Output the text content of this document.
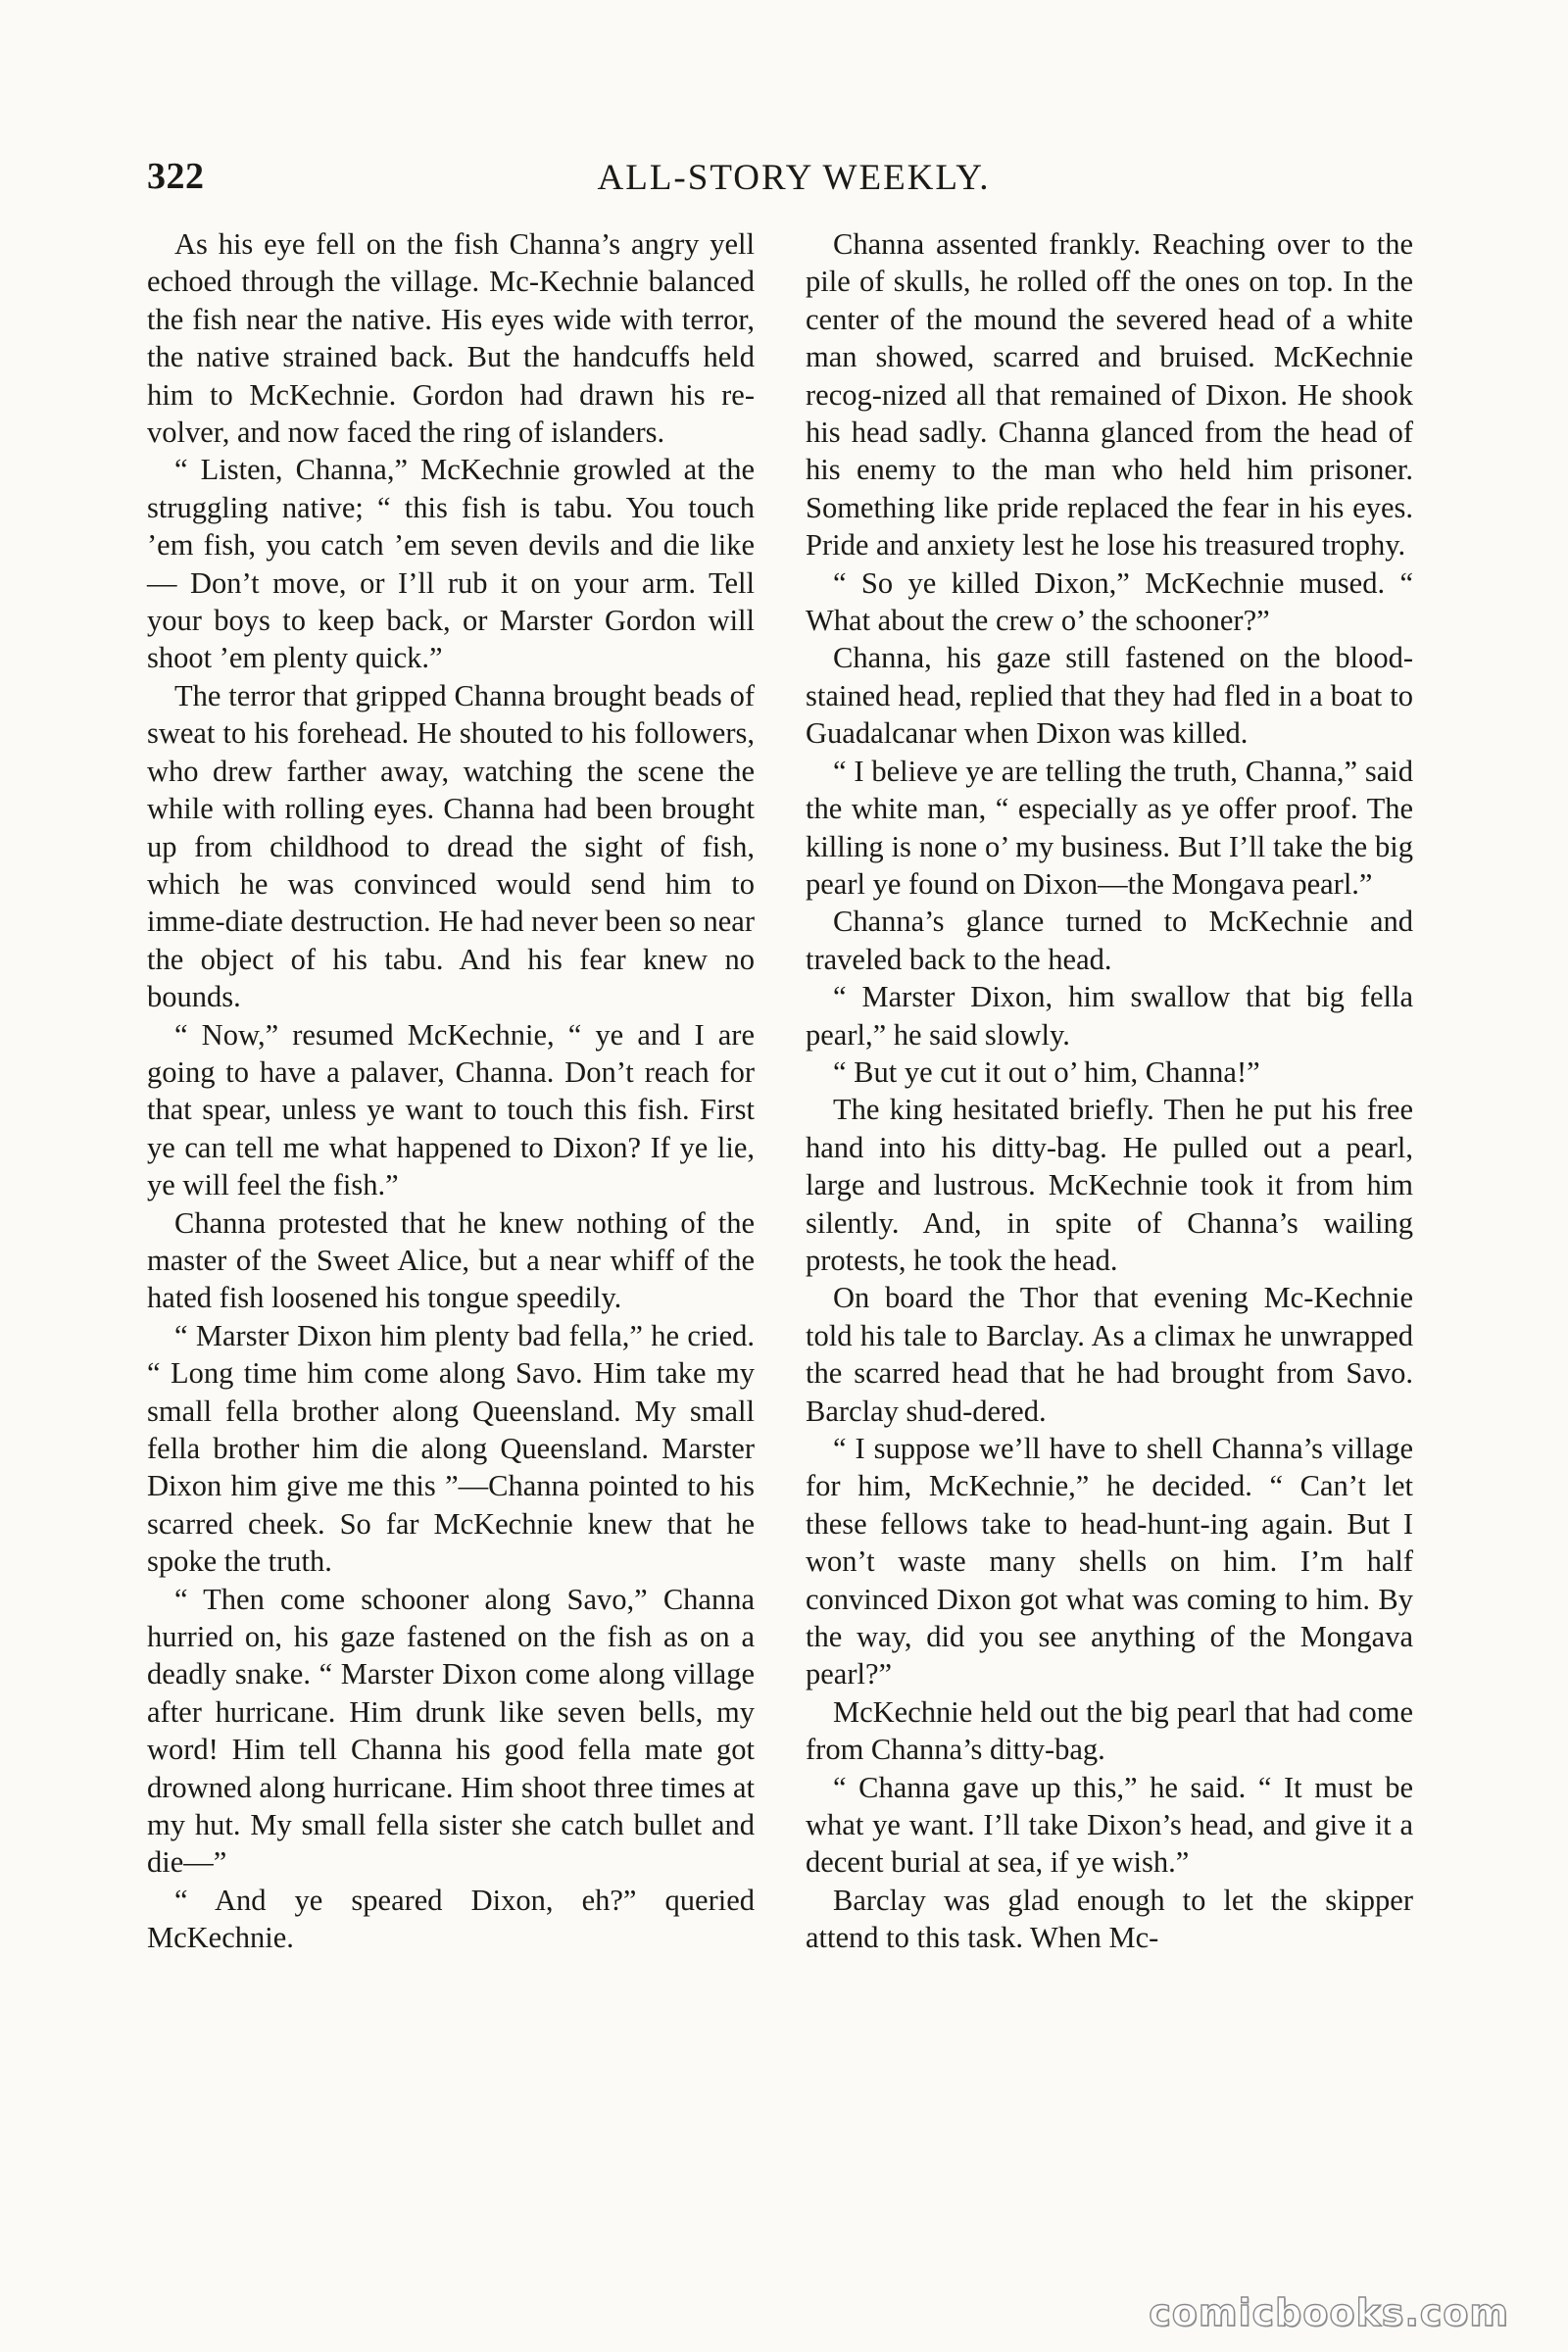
322	ALL-STORY WEEKLY.

As his eye fell on the fish Channa’s angry yell echoed through the village. Mc-Kechnie balanced the fish near the native. His eyes wide with terror, the native strained back. But the handcuffs held him to McKechnie. Gordon had drawn his re-volver, and now faced the ring of islanders.

“ Listen, Channa,” McKechnie growled at the struggling native; “ this fish is tabu. You touch ’em fish, you catch ’em seven devils and die like— Don’t move, or I’ll rub it on your arm. Tell your boys to keep back, or Marster Gordon will shoot ’em plenty quick.”

The terror that gripped Channa brought beads of sweat to his forehead. He shouted to his followers, who drew farther away, watching the scene the while with rolling eyes. Channa had been brought up from childhood to dread the sight of fish, which he was convinced would send him to imme-diate destruction. He had never been so near the object of his tabu. And his fear knew no bounds.

“ Now,” resumed McKechnie, “ ye and I are going to have a palaver, Channa. Don’t reach for that spear, unless ye want to touch this fish. First ye can tell me what happened to Dixon? If ye lie, ye will feel the fish.”

Channa protested that he knew nothing of the master of the Sweet Alice, but a near whiff of the hated fish loosened his tongue speedily.

“ Marster Dixon him plenty bad fella,” he cried. “ Long time him come along Savo. Him take my small fella brother along Queensland. My small fella brother him die along Queensland. Marster Dixon him give me this ”—Channa pointed to his scarred cheek. So far McKechnie knew that he spoke the truth.

“ Then come schooner along Savo,” Channa hurried on, his gaze fastened on the fish as on a deadly snake. “ Marster Dixon come along village after hurricane. Him drunk like seven bells, my word! Him tell Channa his good fella mate got drowned along hurricane. Him shoot three times at my hut. My small fella sister she catch bullet and die—”

“ And ye speared Dixon, eh?” queried McKechnie.

Channa assented frankly. Reaching over to the pile of skulls, he rolled off the ones on top. In the center of the mound the severed head of a white man showed, scarred and bruised. McKechnie recog-nized all that remained of Dixon. He shook his head sadly. Channa glanced from the head of his enemy to the man who held him prisoner. Something like pride replaced the fear in his eyes. Pride and anxiety lest he lose his treasured trophy.

“ So ye killed Dixon,” McKechnie mused. “ What about the crew o’ the schooner?”

Channa, his gaze still fastened on the blood-stained head, replied that they had fled in a boat to Guadalcanar when Dixon was killed.

“ I believe ye are telling the truth, Channa,” said the white man, “ especially as ye offer proof. The killing is none o’ my business. But I’ll take the big pearl ye found on Dixon—the Mongava pearl.”

Channa’s glance turned to McKechnie and traveled back to the head.

“ Marster Dixon, him swallow that big fella pearl,” he said slowly.

“ But ye cut it out o’ him, Channa!”

The king hesitated briefly. Then he put his free hand into his ditty-bag. He pulled out a pearl, large and lustrous. McKechnie took it from him silently. And, in spite of Channa’s wailing protests, he took the head.

On board the Thor that evening Mc-Kechnie told his tale to Barclay. As a climax he unwrapped the scarred head that he had brought from Savo. Barclay shud-dered.

“ I suppose we’ll have to shell Channa’s village for him, McKechnie,” he decided. “ Can’t let these fellows take to head-hunt-ing again. But I won’t waste many shells on him. I’m half convinced Dixon got what was coming to him. By the way, did you see anything of the Mongava pearl?”

McKechnie held out the big pearl that had come from Channa’s ditty-bag.

“ Channa gave up this,” he said. “ It must be what ye want. I’ll take Dixon’s head, and give it a decent burial at sea, if ye wish.”

Barclay was glad enough to let the skipper attend to this task. When Mc-

comicbooks.com
